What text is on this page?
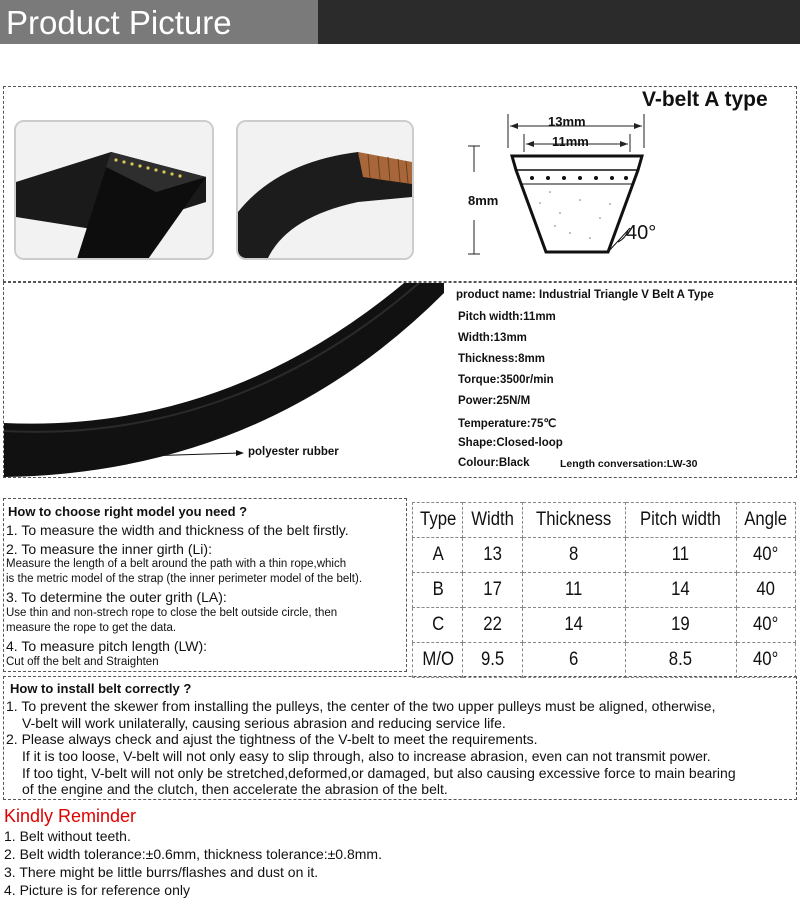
Product Picture
V-belt A type
13mm
11mm
8mm
40°
polyester rubber
product name: Industrial Triangle V Belt A Type
Pitch width:11mm
Width:13mm
Thickness:8mm
Torque:3500r/min
Power:25N/M
Temperature:75℃
Shape:Closed-loop
Colour:Black	Length conversation:LW-30
How to choose right model you need ?
1. To measure the width and thickness of the belt firstly.
2. To measure the inner girth (Li):
Measure the length of a belt around the path with a thin rope,which
is the metric model of the strap (the inner perimeter model of the belt).
3. To determine the outer grith (LA):
Use thin and non-strech rope to close the belt outside circle, then
measure the rope to get the data.
4. To measure pitch length (LW):
Cut off the belt and Straighten
Type	Width	Thickness	Pitch width	Angle
A	13	8	11	40°
B	17	11	14	40
C	22	14	19	40°
M/O	9.5	6	8.5	40°
How to install belt correctly ?
1. To prevent the skewer from installing the pulleys, the center of the two upper pulleys must be aligned, otherwise,
V-belt will work unilaterally, causing serious abrasion and reducing service life.
2. Please always check and ajust the tightness of the V-belt to meet the requirements.
If it is too loose, V-belt will not only easy to slip through, also to increase abrasion, even can not transmit power.
If too tight, V-belt will not only be stretched,deformed,or damaged, but also causing excessive force to main bearing
of the engine and the clutch, then accelerate the abrasion of the belt.
Kindly Reminder
1. Belt without teeth.
2. Belt width tolerance:±0.6mm, thickness tolerance:±0.8mm.
3. There might be little burrs/flashes and dust on it.
4. Picture is for reference only
